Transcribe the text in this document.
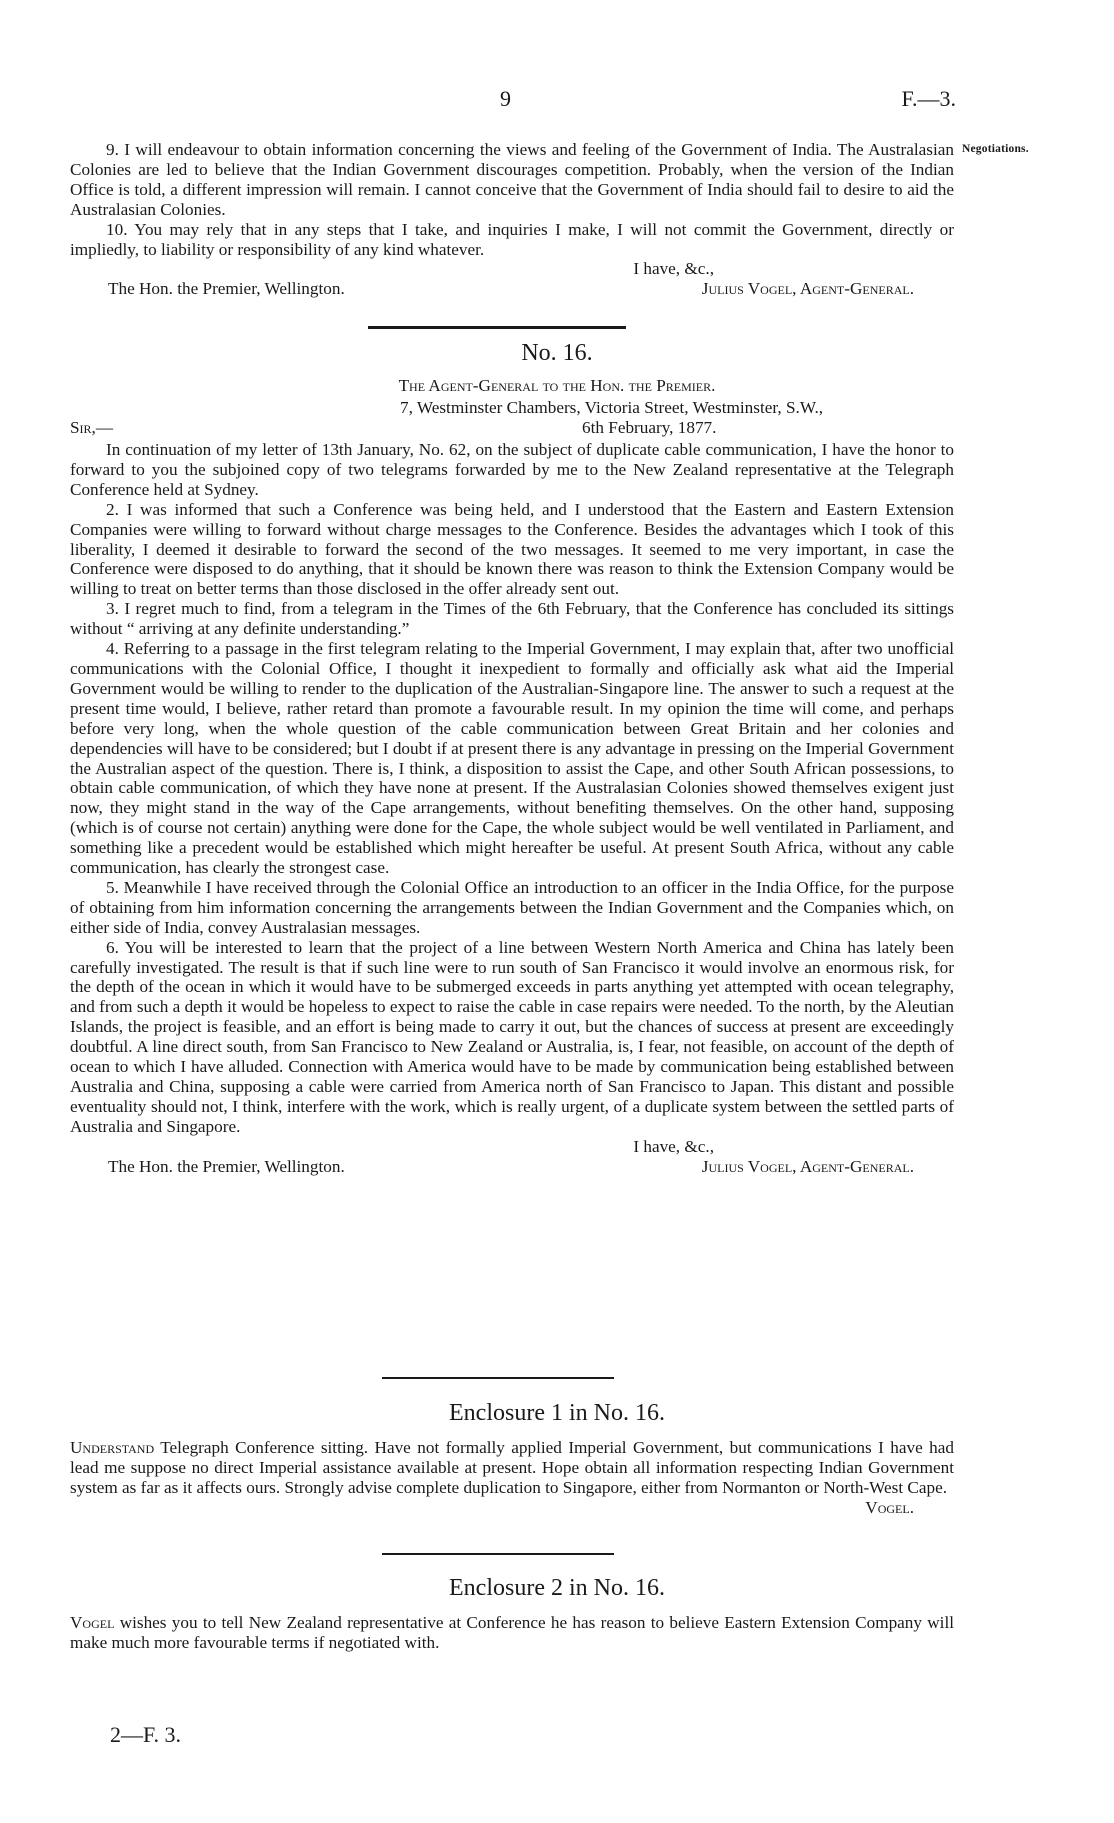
9	F.—3.
Negotiations.

9. I will endeavour to obtain information concerning the views and feeling of the Government of India. The Australasian Colonies are led to believe that the Indian Government discourages competition. Probably, when the version of the Indian Office is told, a different impression will remain. I cannot conceive that the Government of India should fail to desire to aid the Australasian Colonies.

10. You may rely that in any steps that I take, and inquiries I make, I will not commit the Government, directly or impliedly, to liability or responsibility of any kind whatever.

I have, &c.,
The Hon. the Premier, Wellington.	Julius Vogel, Agent-General.
No. 16.
The Agent-General to the Hon. the Premier.
7, Westminster Chambers, Victoria Street, Westminster, S.W.,
Sir,—	6th February, 1877.

In continuation of my letter of 13th January, No. 62, on the subject of duplicate cable communication, I have the honor to forward to you the subjoined copy of two telegrams forwarded by me to the New Zealand representative at the Telegraph Conference held at Sydney.

2. I was informed that such a Conference was being held, and I understood that the Eastern and Eastern Extension Companies were willing to forward without charge messages to the Conference. Besides the advantages which I took of this liberality, I deemed it desirable to forward the second of the two messages. It seemed to me very important, in case the Conference were disposed to do anything, that it should be known there was reason to think the Extension Company would be willing to treat on better terms than those disclosed in the offer already sent out.

3. I regret much to find, from a telegram in the Times of the 6th February, that the Conference has concluded its sittings without “ arriving at any definite understanding.”

4. Referring to a passage in the first telegram relating to the Imperial Government, I may explain that, after two unofficial communications with the Colonial Office, I thought it inexpedient to formally and officially ask what aid the Imperial Government would be willing to render to the duplication of the Australian-Singapore line. The answer to such a request at the present time would, I believe, rather retard than promote a favourable result. In my opinion the time will come, and perhaps before very long, when the whole question of the cable communication between Great Britain and her colonies and dependencies will have to be considered; but I doubt if at present there is any advantage in pressing on the Imperial Government the Australian aspect of the question. There is, I think, a disposition to assist the Cape, and other South African possessions, to obtain cable communication, of which they have none at present. If the Australasian Colonies showed themselves exigent just now, they might stand in the way of the Cape arrangements, without benefiting themselves. On the other hand, supposing (which is of course not certain) anything were done for the Cape, the whole subject would be well ventilated in Parliament, and something like a precedent would be established which might hereafter be useful. At present South Africa, without any cable communication, has clearly the strongest case.

5. Meanwhile I have received through the Colonial Office an introduction to an officer in the India Office, for the purpose of obtaining from him information concerning the arrangements between the Indian Government and the Companies which, on either side of India, convey Australasian messages.

6. You will be interested to learn that the project of a line between Western North America and China has lately been carefully investigated. The result is that if such line were to run south of San Francisco it would involve an enormous risk, for the depth of the ocean in which it would have to be submerged exceeds in parts anything yet attempted with ocean telegraphy, and from such a depth it would be hopeless to expect to raise the cable in case repairs were needed. To the north, by the Aleutian Islands, the project is feasible, and an effort is being made to carry it out, but the chances of success at present are exceedingly doubtful. A line direct south, from San Francisco to New Zealand or Australia, is, I fear, not feasible, on account of the depth of ocean to which I have alluded. Connection with America would have to be made by communication being established between Australia and China, supposing a cable were carried from America north of San Francisco to Japan. This distant and possible eventuality should not, I think, interfere with the work, which is really urgent, of a duplicate system between the settled parts of Australia and Singapore.

I have, &c.,
The Hon. the Premier, Wellington.	Julius Vogel, Agent-General.
Enclosure 1 in No. 16.

Understand Telegraph Conference sitting. Have not formally applied Imperial Government, but communications I have had lead me suppose no direct Imperial assistance available at present. Hope obtain all information respecting Indian Government system as far as it affects ours. Strongly advise complete duplication to Singapore, either from Normanton or North-West Cape.

Vogel.
Enclosure 2 in No. 16.

Vogel wishes you to tell New Zealand representative at Conference he has reason to believe Eastern Extension Company will make much more favourable terms if negotiated with.

2—F. 3.
